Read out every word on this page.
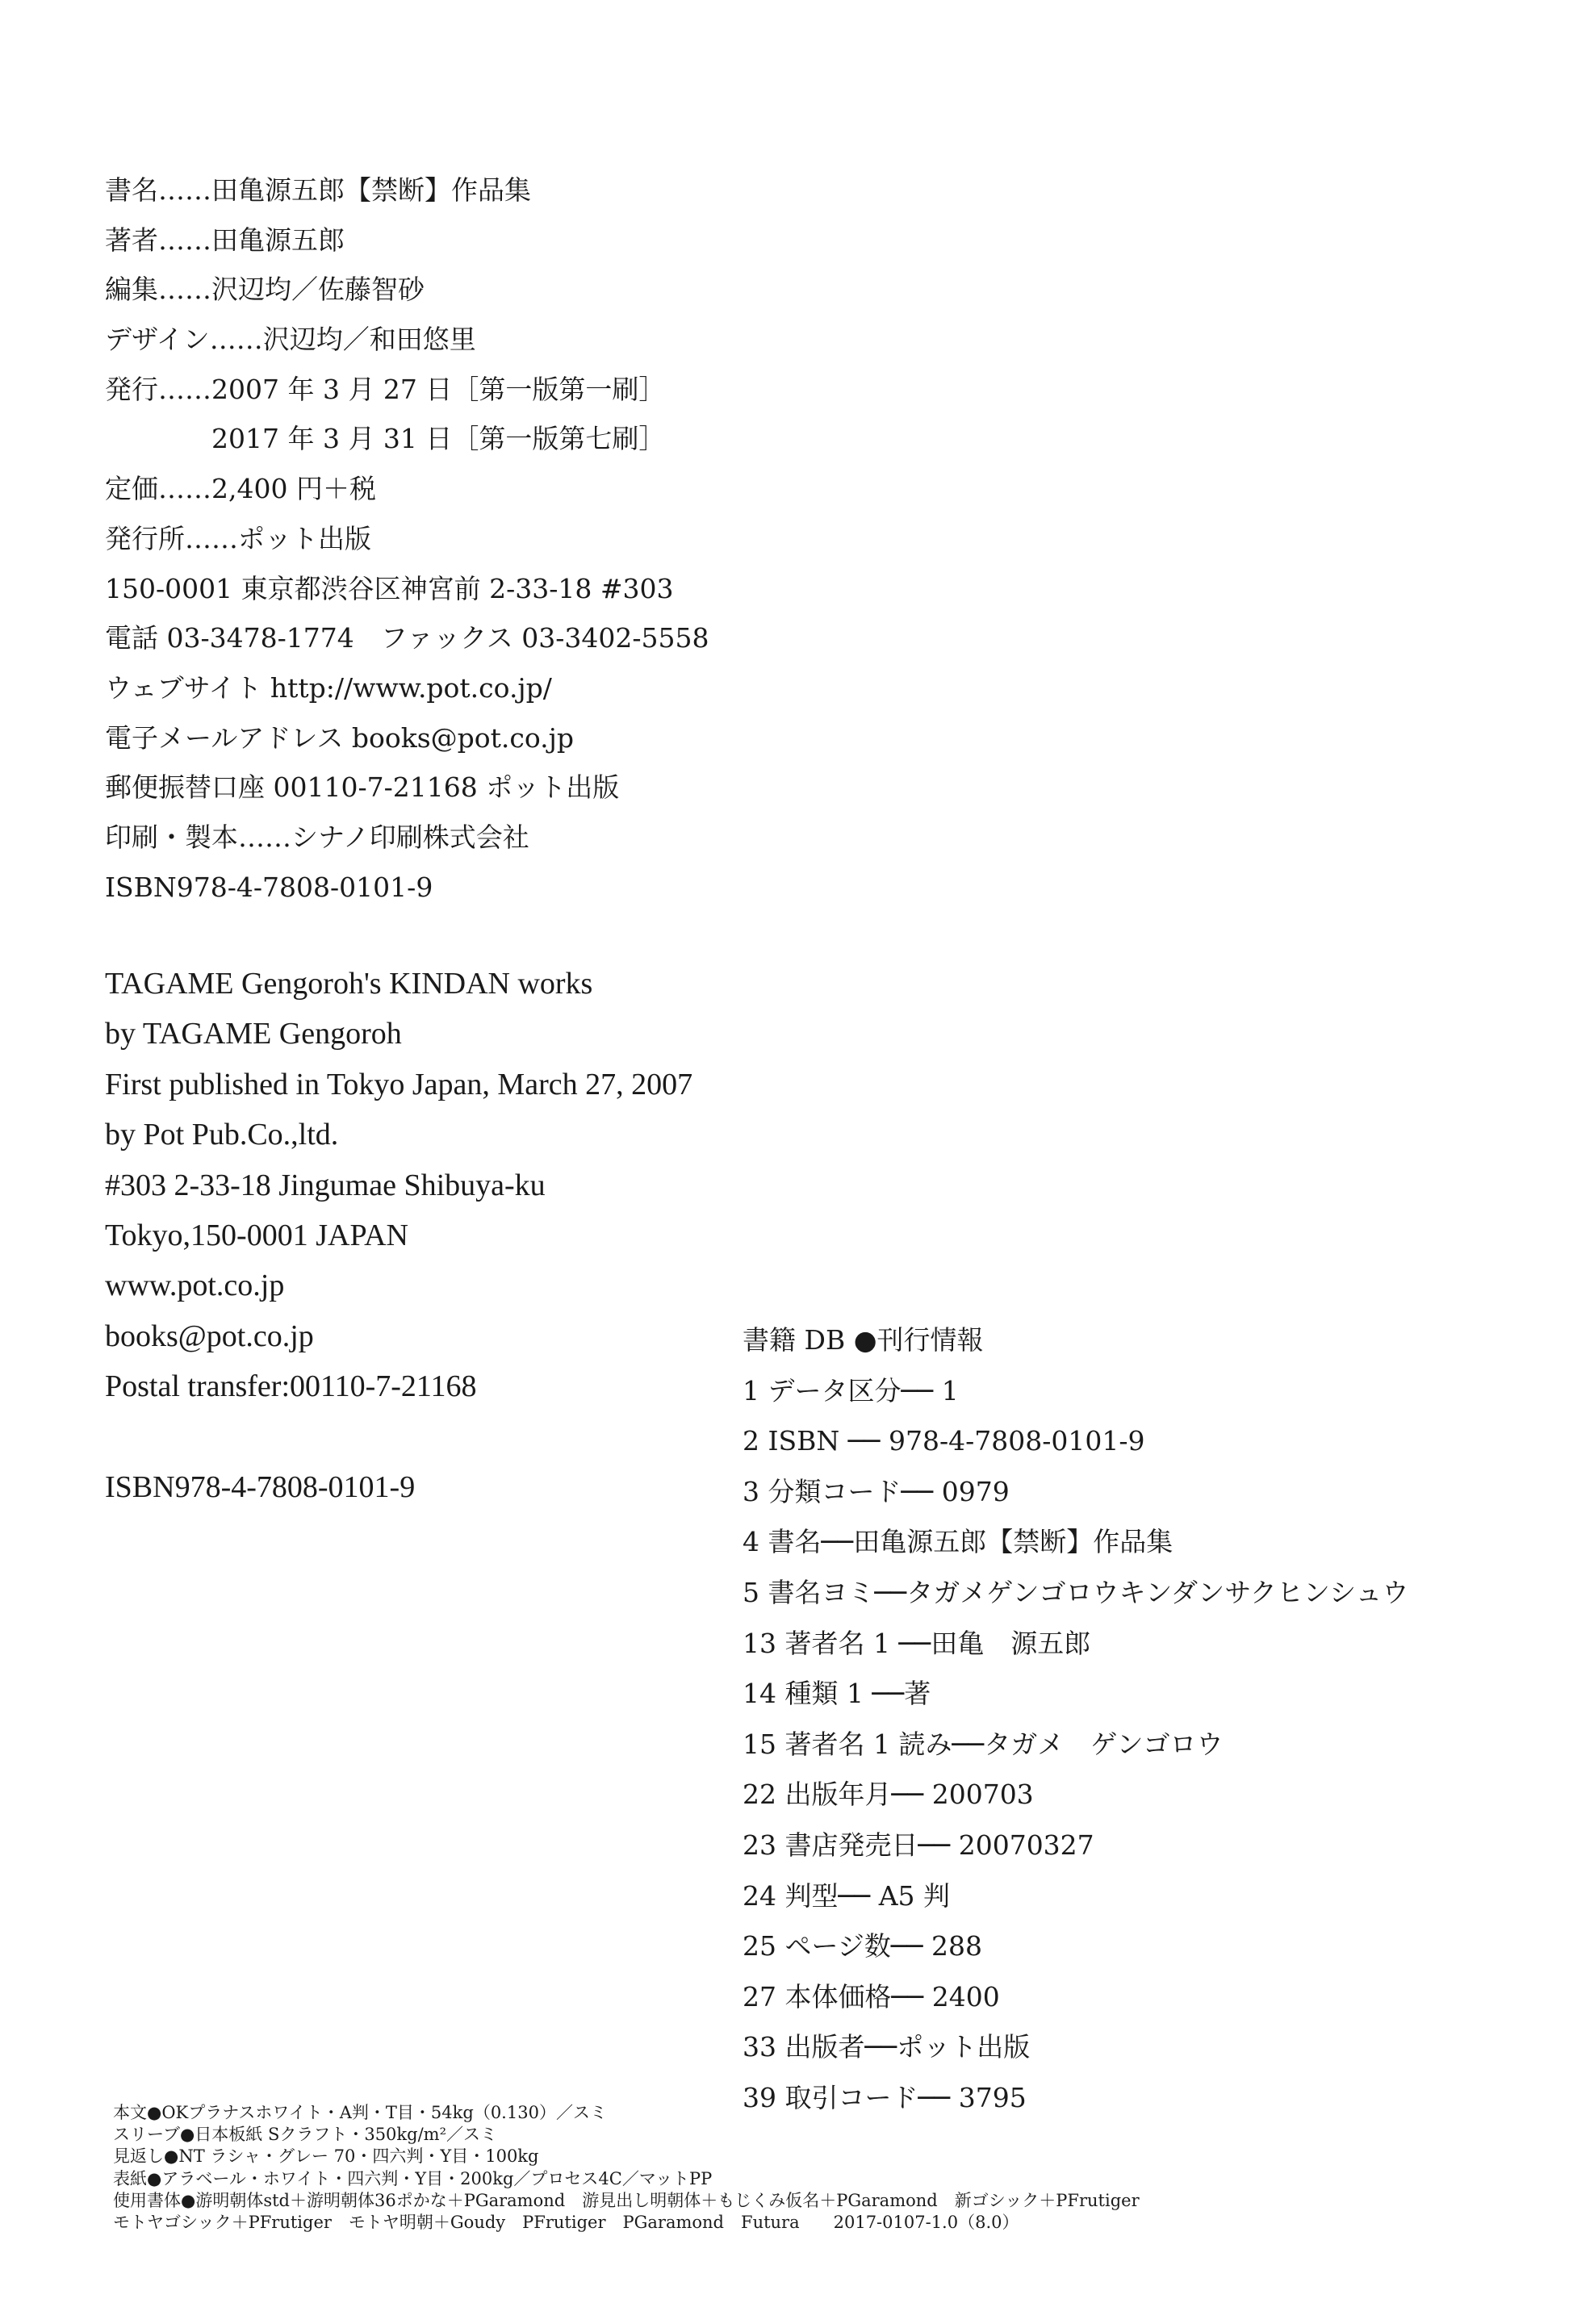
書名……田亀源五郎【禁断】作品集
著者……田亀源五郎
編集……沢辺均／佐藤智砂
デザイン……沢辺均／和田悠里
発行……2007 年 3 月 27 日［第一版第一刷］
　　　　2017 年 3 月 31 日［第一版第七刷］
定価……2,400 円＋税
発行所……ポット出版
150-0001 東京都渋谷区神宮前 2-33-18 #303
電話 03-3478-1774　ファックス 03-3402-5558
ウェブサイト http://www.pot.co.jp/
電子メールアドレス books@pot.co.jp
郵便振替口座 00110-7-21168 ポット出版
印刷・製本……シナノ印刷株式会社
ISBN978-4-7808-0101-9
TAGAME Gengoroh's KINDAN works
by TAGAME Gengoroh
First published in Tokyo Japan, March 27, 2007
by Pot Pub.Co.,ltd.
#303 2-33-18 Jingumae Shibuya-ku
Tokyo,150-0001 JAPAN
www.pot.co.jp
books@pot.co.jp
Postal transfer:00110-7-21168
ISBN978-4-7808-0101-9
書籍 DB ●刊行情報
1 データ区分── 1
2 ISBN ── 978-4-7808-0101-9
3 分類コード── 0979
4 書名──田亀源五郎【禁断】作品集
5 書名ヨミ──タガメゲンゴロウキンダンサクヒンシュウ
13 著者名 1 ──田亀　源五郎
14 種類 1 ──著
15 著者名 1 読み──タガメ　ゲンゴロウ
22 出版年月── 200703
23 書店発売日── 20070327
24 判型── A5 判
25 ページ数── 288
27 本体価格── 2400
33 出版者──ポット出版
39 取引コード── 3795
本文●OKプラナスホワイト・A判・T目・54kg（0.130）／スミ
スリーブ●日本板紙 Sクラフト・350kg/m²／スミ
見返し●NT ラシャ・グレー 70・四六判・Y目・100kg
表紙●アラベール・ホワイト・四六判・Y目・200kg／プロセス4C／マットPP
使用書体●游明朝体std＋游明朝体36ポかな＋PGaramond　游見出し明朝体＋もじくみ仮名＋PGaramond　新ゴシック＋PFrutiger
モトヤゴシック＋PFrutiger　モトヤ明朝＋Goudy　PFrutiger　PGaramond　Futura　　2017-0107-1.0（8.0）
